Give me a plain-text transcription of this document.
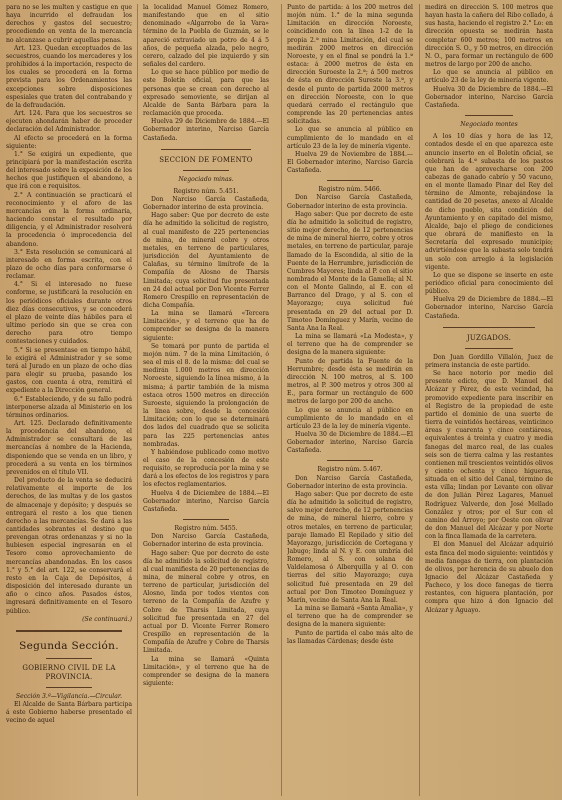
para no se les multen y castigue en que haya incurrido el defraudan los derechos y gastos del secuestro; procediendo en venta de la mercancía no alcanzase a cubrir aquellas penas.

Art. 123. Quedan exceptuados de las secuestros, cuando los mercaderes y los prohibidos á la importación, respecto de los cuales se procederá en la forma prevista para los Ordenamientos las excepciones sobre disposiciones espesiales que traten del contrabando y de la defraudación.

Art. 124. Para que los secuestros se ejecuten ahondarán haber de proceder declaración del Administrador.

Al efecto se procederá en la forma siguiente:

1.° Se exigirá un expediente, que principiará por la manifestación escrita del interesado sobre la exposición de los hechos que justifiquen el abandono, a que irá con e requisitos.

2.° A continuación se practicará el reconocimiento y el aforo de las mercancías en la forma ordinaria, haciendo constar el resultado por diligencia, y el Administrador resolverá la procedencia ó improcedencia del abandono.

3.° Esta resolución se comunicará al interesado en forma escrita, con el plazo de ocho días para conformarse ó reclamar.

4.° Si el interesado no fuese conforme, se justificará la resolución en los periódicos oficiales durante otros diez días consecutivos, y se concederá el plazo de veinte días hábiles para el ultimo período sin que se crea con derecho para otro tiempo contestaciones y cuidados.

5.° Si se presentase en tiempo hábil, le exigirá el Administrador y se some terá al Jurado en un plazo de ocho días para elegir su prueba, pasando los gastos, con cuenta á otra, remitirá el expediente a la Dirección general.

6.° Estableciendo, y de su fallo podrá interponerse alzada al Ministerio en los términos ordinarios.

Art. 125. Declarado definitivamente la procedencia del abandono, el Administrador se consultará de las mercancías á nombre de la Hacienda, disponiendo que se venda en un libro, y procederá a su venta en los términos prevenidos en el título VII.

Del producto de la venta se deducirá relativamente el importe de los derechos, de las multas y de los gastos de almacenaje y depósito; y después se entregará el resto a los que tienen derecho a las mercancías. Se dará a las cantidades sobrantes el destino que prevengan otras ordenanzas y si no la hubiesen especial ingresarán en el Tesoro como aprovechamiento de mercancías abandonadas. En los casos 1.° y 5.° del art. 122, se conservará el resto en la Caja de Depósitos, á disposición del interesado durante un año o cinco años. Pasados éstos, ingresará definitivamente en el Tesoro público.

(Se continuará.)

Segunda Sección.
GOBIERNO CIVIL DE LA PROVINCIA.

Sección 3.ª—Vigilancia.—Circular.

El Alcalde de Santa Bárbara participa á este Gobierno haberse presentado el vecino de aquel

la localidad Manuel Gómez Romero, manifestando que en el sitio denominado «Algarrobo de la Vara» término de la Puebla de Guzmán, se le apareció extraviado un potro de 4 á 5 años, de pequeña alzada, pelo negro, cerero, calzado del pie izquierdo y sin señales del cardero.

Lo que se hace público por medio de este Boletín oficial, para que las personas que se crean con derecho al expresado semoviente, se dirijan al Alcalde de Santa Bárbara para la reclamación que proceda.

Huelva 29 de Diciembre de 1884.—El Gobernador interino, Narciso García Castañeda.

SECCION DE FOMENTO

Negociado minas.

Registro núm. 5.451.

Don Narciso García Castañeda, Gobernador interino de esta provincia.

Hago saber: Que por decreto de este día he admitido la solicitud de registro, al cual manifesto de 225 pertenencias de mina, de mineral cobre y otros metales, en terreno de particulares, jurisdicción del Ayuntamiento de Calañas, su término limítrofe de la Compañía de Alosno de Tharsis Limitada; cuya solicitud fue presentada en 24 del actual por Don Vicente Ferrer Romero Crespillo en representación de dicha Compañía.

La mina se llamará «Tercera Limitación», y el terreno que ha de comprender se designa de la manera siguiente:

Se tomará por punto de partida el mojón núm. 7 de la mina Limitación, ó sea el mis el 8. de la misma: del cual se medirán 1.000 metros en dirección Noroeste, siguiendo la línea mismo, á la misma; á partir también de la misma estaca otros 1500 metros en dirección Suroeste, siguiendo la prolongación de la línea sobre, desde la concesión Limitación; con lo que se determinará dos lados del cuadrado que se solicita para las 225 pertenencias antes nombradas.

Y habiéndose publicado como motivo el caso de la concesión de este requisito, se reproducía por la mina y se dará a los efectos de los registros y para los efectos reglamentarios.

Huelva 4 de Diciembre de 1884.—El Gobernador interino, Narciso García Castañeda.

Registro núm. 5455.

Don Narciso García Castañeda, Gobernador interino de esta provincia.

Hago saber: Que por decreto de este día he admitido la solicitud de registro, al cual manifiesta de 20 pertenencias de mina, de mineral cobre y otros, en terreno de particular, jurisdicción del Alosno, linda por todos vientos con terreno de la Compañía de Azufre y Cobre de Tharsis Limitada, cuya solicitud fue presentada en 27 del actual por D. Vicente Ferrer Romero Crespillo en representación de la Compañía de Azufre y Cobre de Tharsis Limitada.

La mina se llamará «Quinta Limitación», y el terreno que ha de comprender se designa de la manera siguiente:

Punto de partida: á los 200 metros del mojón núm. 1.° de la mina segunda Limitación en dirección Noroeste, coincidiendo con la línea 1-2 de la propia 2.ª mina Limitación, del cual se medirán 2000 metros en dirección Noroeste, y en el final se pondrá la 1.ª estaca: á 2000 metros de ésta en dirección Suroeste la 2.ª; á 500 metros de ésta en dirección Sureste la 3.ª, y desde el punto de partida 2000 metros en dirección Noroeste, con lo que quedará cerrado el rectángulo que comprende las 20 pertenencias antes solicitadas.

Lo que se anuncia al público en cumplimiento de lo mandado en el artículo 23 de la ley de minería vigente.

Huelva 29 de Noviembre de 1884.—El Gobernador interino, Narciso García Castañeda.

Registro núm. 5466.

Don Narciso García Castañeda, Gobernador interino de esta provincia.

Hago saber: Que por decreto de este día he admitido la solicitud de registro, sitio mejor derecho, de 12 pertenencias de mina de mineral hierro, cobre y otros metales, en terreno de particular, paraje llamado de la Escondida, al sitio de la Fuente de la Herrumbre, jurisdicción de Cumbres Mayores; linda al P. con el sitio nombrado el Monte de la Gamella; al N. con el Monte Galindo, al E. con el Barranco del Drago, y al S. con el Mayorazgo; cuya solicitud fué presentada en 29 del actual por D. Timoteo Domínguez y Marín, vecino de Santa Ana la Real.

La mina se llamará «La Modesta», y el terreno que ha de comprender se designa de la manera siguiente:

Punto de partida la Fuente de la Herrumbre; desde ésta se medirán en dirección N. 100 metros, al S. 100 metros, al P. 300 metros y otros 300 al E., para formar un rectángulo de 600 metros de largo por 200 de ancho.

Lo que se anuncia al público en cumplimiento de lo mandado en el artículo 23 de la ley de minería vigente.

Huelva 30 de Diciembre de 1884.—El Gobernador interino, Narciso García Castañeda.

Registro núm. 5.467.

Don Narciso García Castañeda, Gobernador interino de esta provincia.

Hago saber: Que por decreto de este día he admitido la solicitud de registro, salvo mejor derecho, de 12 pertenencias de mina, de mineral hierro, cobre y otros metales, en terreno de particular, paraje llamado El Repilado y sitio del Mayorazgo, jurisdicción de Cortegana y Jabugo; linda al N. y E. con umbría del Romero, al S. con solana de Valdelamosa ó Alberquilla y al O. con tierras del sitio Mayorazgo; cuya solicitud fué presentada en 29 del actual por Don Timoteo Domínguez y Marín, vecino de Santa Ana la Real.

La mina se llamará «Santa Amalia», y el terreno que ha de comprender se designa de la manera siguiente:

Punto de partida el cabo más alto de las llamadas Cárdenas; desde éste

medirá en dirección S. 100 metros que hayan hasta la cañera del Ribo collado, á sus hasta, haciendo el registro 2.° Lo: en dirección opuesta se medirán hasta completar 600 metros; 100 metros en dirección S. O., y 50 metros, en dirección N. O., para formar un rectángulo de 600 metros de largo por 200 de ancho.

Lo que se anuncia al público en artículo 23 de la ley de minería vigente.

Huelva 30 de Diciembre de 1884.—El Gobernador interino, Narciso García Castañeda.

Negociado montes

A los 10 días y hora de las 12, contados desde el en que aparezca este anuncio inserto en el Boletín oficial, se celebrará la 4.ª subasta de los pastos que han de aprovecharse con 200 cabezas de ganado cabrío y 50 vacuno, en el monte llamado Pinar del Rey del término de Almonte, rebajándose la cantidad de 20 pesetas, anexo al Alcalde de dicho pueblo, sita condición del Ayuntamiento y en capitado del mismo, Alcalde, bajo el pliego de condiciones que obrará de manifiesto en la Secretaría del expresado municipio; advirtiéndose que la subasta solo tendrá un solo con arreglo á la legislación vigente.

Lo que se dispone se inserte en este periódico oficial para conocimiento del público.

Huelva 29 de Diciembre de 1884.—El Gobernador interino, Narciso García Castañeda.

JUZGADOS.

Don Juan Gordillo Villalón, Juez de primera instancia de este partido.

Se hace notorio por medio del presente edicto, que D. Manuel del Alcázar y Pérez, de este vecindad, ha promovido expediente para inscribir en el Registro de la propiedad de este partido el dominio de una suerte de tierra de veintidós hectáreas, veinticinco áreas y cuarenta y cinco centiáreas, equivalentes á treinta y cuatro y media fanegas del marco real, de las cuales seis son de tierra calma y las restantes contienen mil trescientos veintidós olivos y ciento ochenta y cinco higueras, situada en el sitio del Canal, término de esta villa; lindan por Levante con olivar de don Julián Pérez Lagares, Manuel Rodríguez Valverde, don José Mellado González y otros; por el Sur con el camino del Arroyo; por Oeste con olivar de don Manuel del Alcázar y por Norte con la finca llamada de la carretera.

El don Manuel del Alcázar adquirió esta finca del modo siguiente: veintidós y media fanegas de tierra, con plantación de olivos, por herencia de su abuelo don Ignacio del Alcázar Castañeda y Pacheco, y los doce fanegas de tierra restantes, con higuera plantación, por compra que hizo á don Ignacio del Alcázar y Aguayo.
